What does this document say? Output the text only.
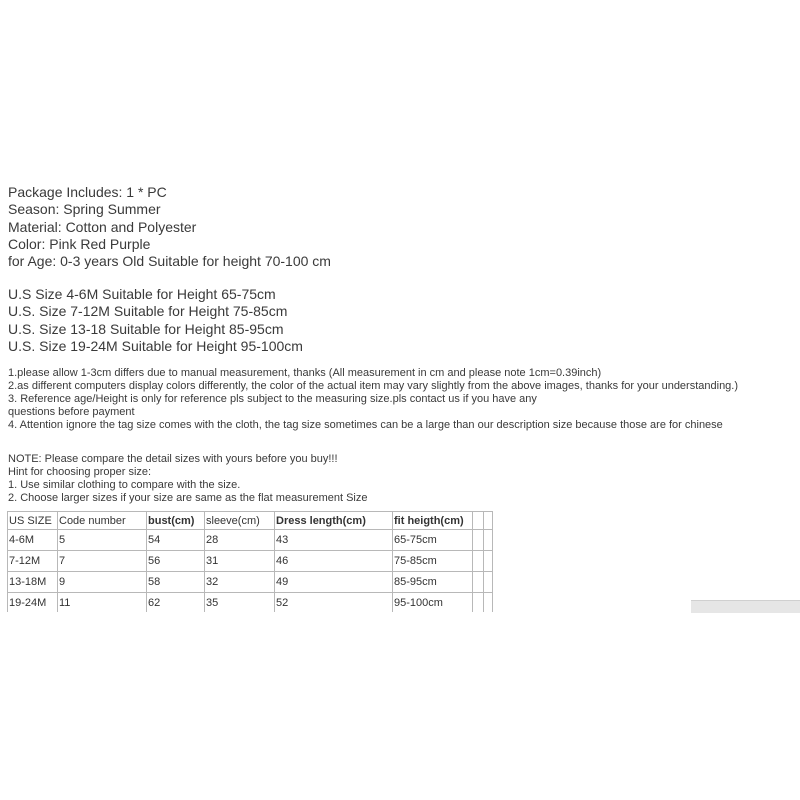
Package Includes: 1 * PC
Season: Spring Summer
Material: Cotton and Polyester
Color: Pink Red Purple
for Age: 0-3 years Old Suitable for height 70-100 cm
U.S Size 4-6M Suitable for Height 65-75cm
U.S. Size 7-12M Suitable for Height 75-85cm
U.S. Size 13-18 Suitable for Height 85-95cm
U.S. Size 19-24M Suitable for Height 95-100cm
1.please allow 1-3cm differs due to manual measurement, thanks (All measurement in cm and please note 1cm=0.39inch)
2.as different computers display colors differently, the color of the actual item may vary slightly from the above images, thanks for your understanding.)
3. Reference age/Height is only for reference pls subject to the measuring size.pls contact us if you have any
questions before payment
4. Attention ignore the tag size comes with the cloth, the tag size sometimes can be a large than our description size because those are for chinese
NOTE: Please compare the detail sizes with yours before you buy!!!
Hint for choosing proper size:
1. Use similar clothing to compare with the size.
2. Choose larger sizes if your size are same as the flat measurement Size
US SIZE	Code number	bust(cm)	sleeve(cm)	Dress length(cm)	fit heigth(cm)		
4-6M	5	54	28	43	65-75cm		
7-12M	7	56	31	46	75-85cm		
13-18M	9	58	32	49	85-95cm		
19-24M	11	62	35	52	95-100cm		
